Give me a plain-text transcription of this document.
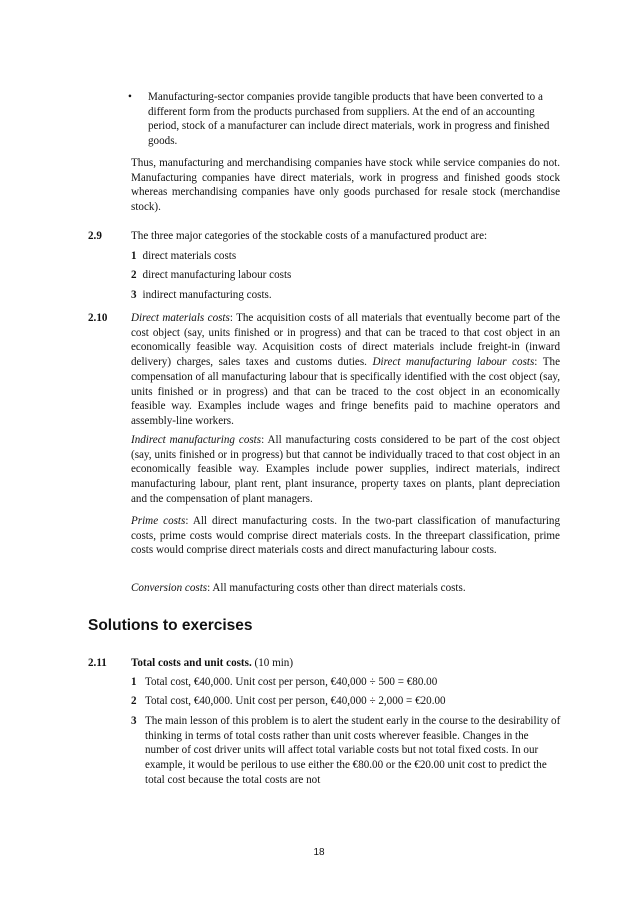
• Manufacturing-sector companies provide tangible products that have been converted to a different form from the products purchased from suppliers. At the end of an accounting period, stock of a manufacturer can include direct materials, work in progress and finished goods.

Thus, manufacturing and merchandising companies have stock while service companies do not. Manufacturing companies have direct materials, work in progress and finished goods stock whereas merchandising companies have only goods purchased for resale stock (merchandise stock).

2.9	The three major categories of the stockable costs of a manufactured product are:

1 direct materials costs
2 direct manufacturing labour costs
3 indirect manufacturing costs.
2.10 Direct materials costs: The acquisition costs of all materials that eventually become part of the cost object (say, units finished or in progress) and that can be traced to that cost object in an economically feasible way. Acquisition costs of direct materials include freight-in (inward delivery) charges, sales taxes and customs duties. Direct manufacturing labour costs: The compensation of all manufacturing labour that is specifically identified with the cost object (say, units finished or in progress) and that can be traced to the cost object in an economically feasible way. Examples include wages and fringe benefits paid to machine operators and assembly-line workers.

Indirect manufacturing costs: All manufacturing costs considered to be part of the cost object (say, units finished or in progress) but that cannot be individually traced to that cost object in an economically feasible way. Examples include power supplies, indirect materials, indirect manufacturing labour, plant rent, plant insurance, property taxes on plants, plant depreciation and the compensation of plant managers.

Prime costs: All direct manufacturing costs. In the two-part classification of manufacturing costs, prime costs would comprise direct materials costs. In the threepart classification, prime costs would comprise direct materials costs and direct manufacturing labour costs.

Conversion costs: All manufacturing costs other than direct materials costs.

Solutions to exercises
2.11 Total costs and unit costs. (10 min)

1 Total cost, €40,000. Unit cost per person, €40,000 ÷ 500 = €80.00

2 Total cost, €40,000. Unit cost per person, €40,000 ÷ 2,000 = €20.00

3 The main lesson of this problem is to alert the student early in the course to the desirability of thinking in terms of total costs rather than unit costs wherever feasible. Changes in the number of cost driver units will affect total variable costs but not total fixed costs. In our example, it would be perilous to use either the €80.00 or the €20.00 unit cost to predict the total cost because the total costs are not

18
